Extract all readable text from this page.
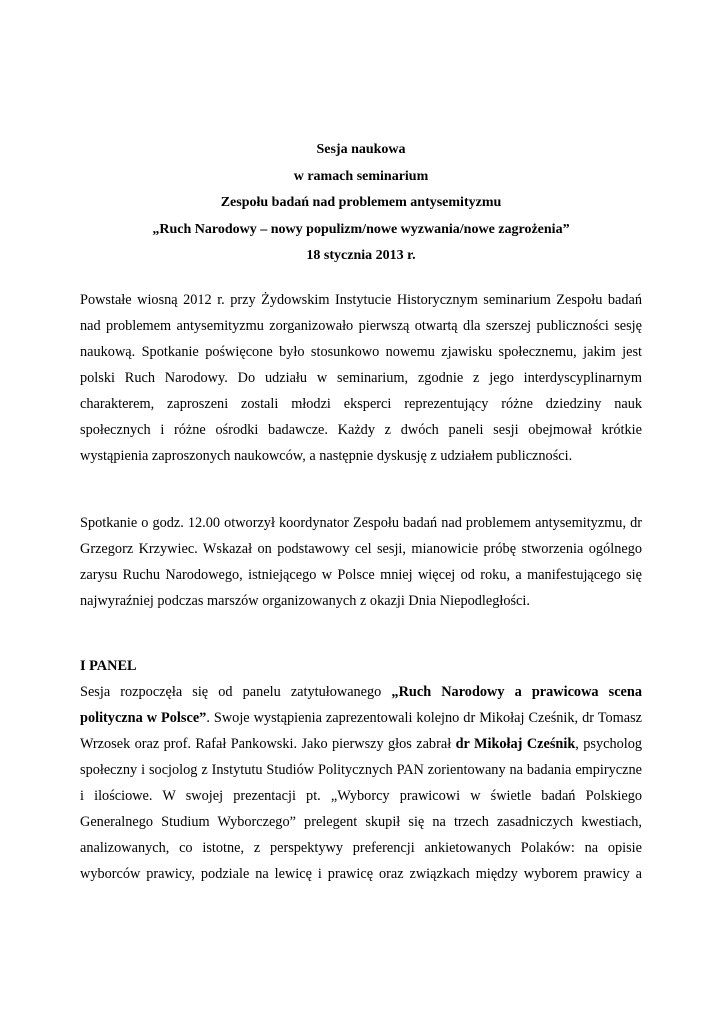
Sesja naukowa
w ramach seminarium
Zespołu badań nad problemem antysemityzmu
„Ruch Narodowy – nowy populizm/nowe wyzwania/nowe zagrożenia”
18 stycznia 2013 r.
Powstałe wiosną 2012 r. przy Żydowskim Instytucie Historycznym seminarium Zespołu badań
nad problemem antysemityzmu zorganizowało pierwszą otwartą dla szerszej publiczności sesję
naukową. Spotkanie poświęcone było stosunkowo nowemu zjawisku społecznemu, jakim jest
polski Ruch Narodowy. Do udziału w seminarium, zgodnie z jego interdyscyplinarnym
charakterem, zaproszeni zostali młodzi eksperci reprezentujący różne dziedziny nauk
społecznych i różne ośrodki badawcze. Każdy z dwóch paneli sesji obejmował krótkie
wystąpienia zaproszonych naukowców, a następnie dyskusję z udziałem publiczności.
Spotkanie o godz. 12.00 otworzył koordynator Zespołu badań nad problemem antysemityzmu, dr
Grzegorz Krzywiec. Wskazał on podstawowy cel sesji, mianowicie próbę stworzenia ogólnego
zarysu Ruchu Narodowego, istniejącego w Polsce mniej więcej od roku, a manifestującego się
najwyraźniej podczas marszów organizowanych z okazji Dnia Niepodległości.
I PANEL
Sesja rozpoczęła się od panelu zatytułowanego „Ruch Narodowy a prawicowa scena
polityczna w Polsce”. Swoje wystąpienia zaprezentowali kolejno dr Mikołaj Cześnik, dr Tomasz
Wrzosek oraz prof. Rafał Pankowski. Jako pierwszy głos zabrał dr Mikołaj Cześnik, psycholog
społeczny i socjolog z Instytutu Studiów Politycznych PAN zorientowany na badania empiryczne
i ilościowe. W swojej prezentacji pt. „Wyborcy prawicowi w świetle badań Polskiego
Generalnego Studium Wyborczego” prelegent skupił się na trzech zasadniczych kwestiach,
analizowanych, co istotne, z perspektywy preferencji ankietowanych Polaków: na opisie
wyborców prawicy, podziale na lewicę i prawicę oraz związkach między wyborem prawicy a
